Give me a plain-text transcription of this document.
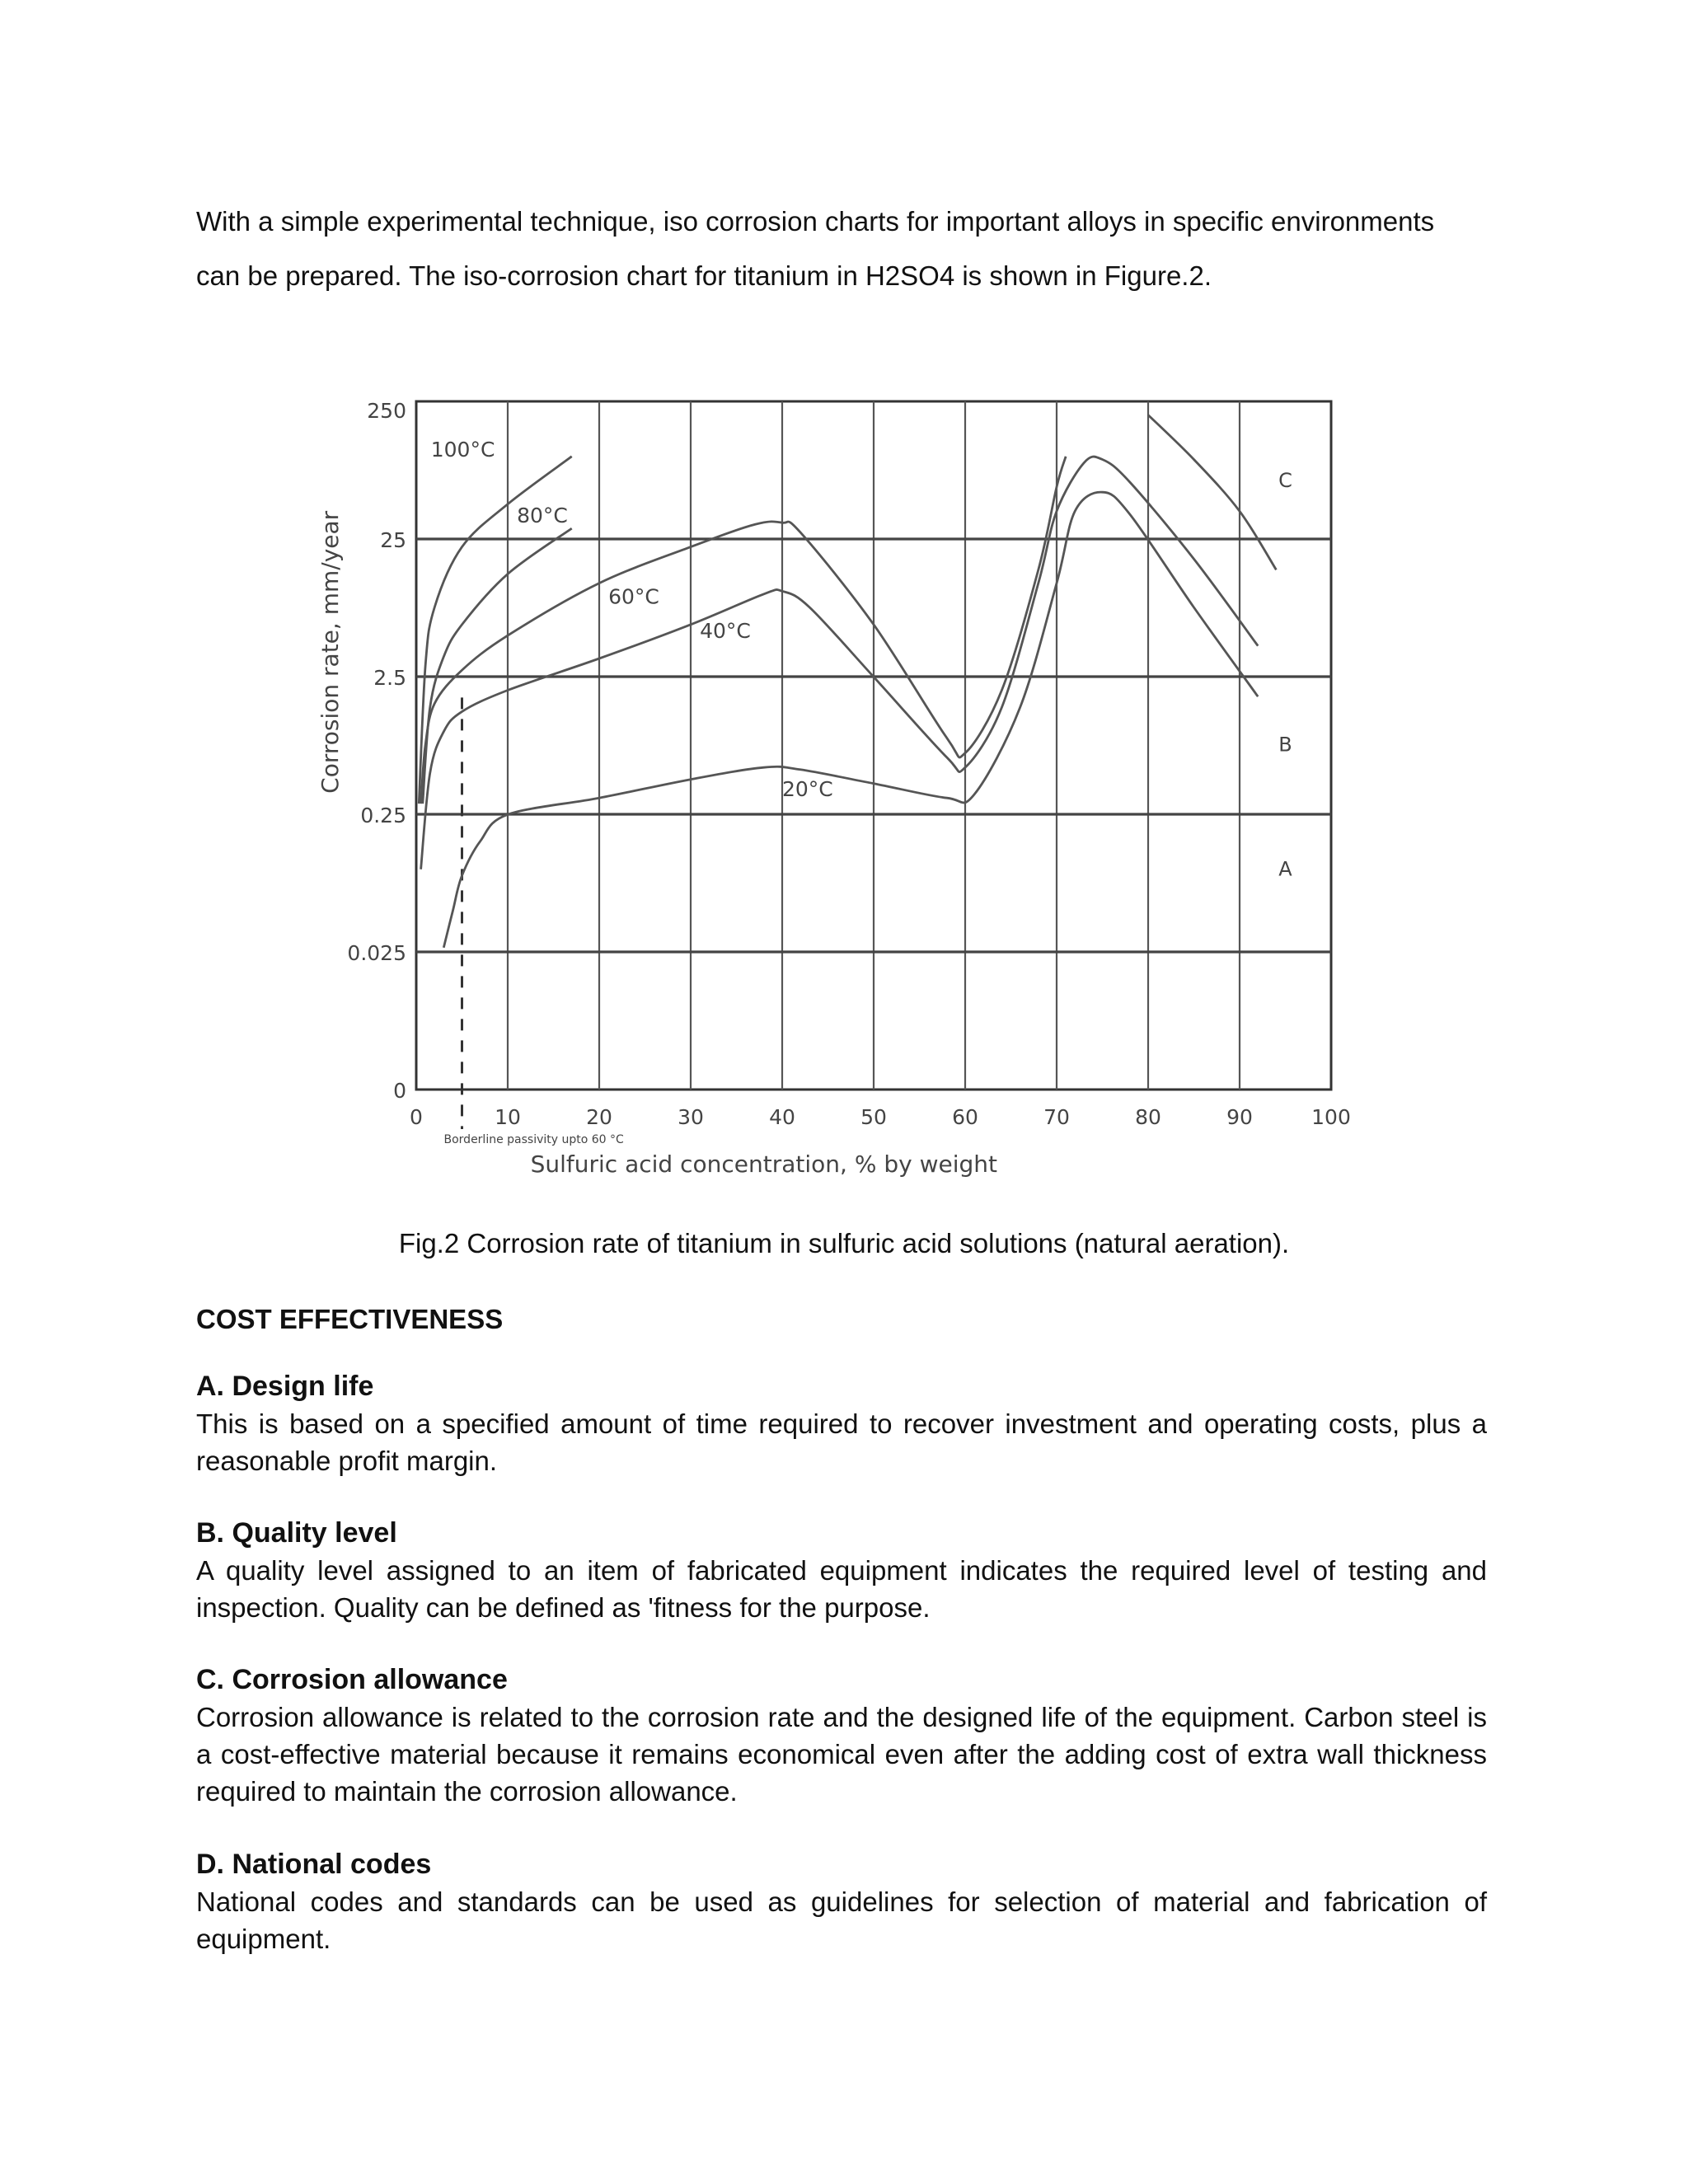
With a simple experimental technique, iso corrosion charts for important alloys in specific environments can be prepared. The iso-corrosion chart for titanium in H2SO4 is shown in Figure.2.

0
0.025
0.25
2.5
25
250
0	10	20	30	40	50	60	70	80	90	100
Sulfuric acid concentration, % by weight
Corrosion rate, mm/year
Borderline passivity upto 60 °C
100°C
80°C
60°C
40°C
20°C
A
B
C

Fig.2 Corrosion rate of titanium in sulfuric acid solutions (natural aeration).

COST EFFECTIVENESS

A. Design life

This is based on a specified amount of time required to recover investment and operating costs, plus a reasonable profit margin.

B. Quality level

A quality level assigned to an item of fabricated equipment indicates the required level of testing and inspection. Quality can be defined as 'fitness for the purpose.

C. Corrosion allowance

Corrosion allowance is related to the corrosion rate and the designed life of the equipment. Carbon steel is a cost-effective material because it remains economical even after the adding cost of extra wall thickness required to maintain the corrosion allowance.

D. National codes

National codes and standards can be used as guidelines for selection of material and fabrication of equipment.
